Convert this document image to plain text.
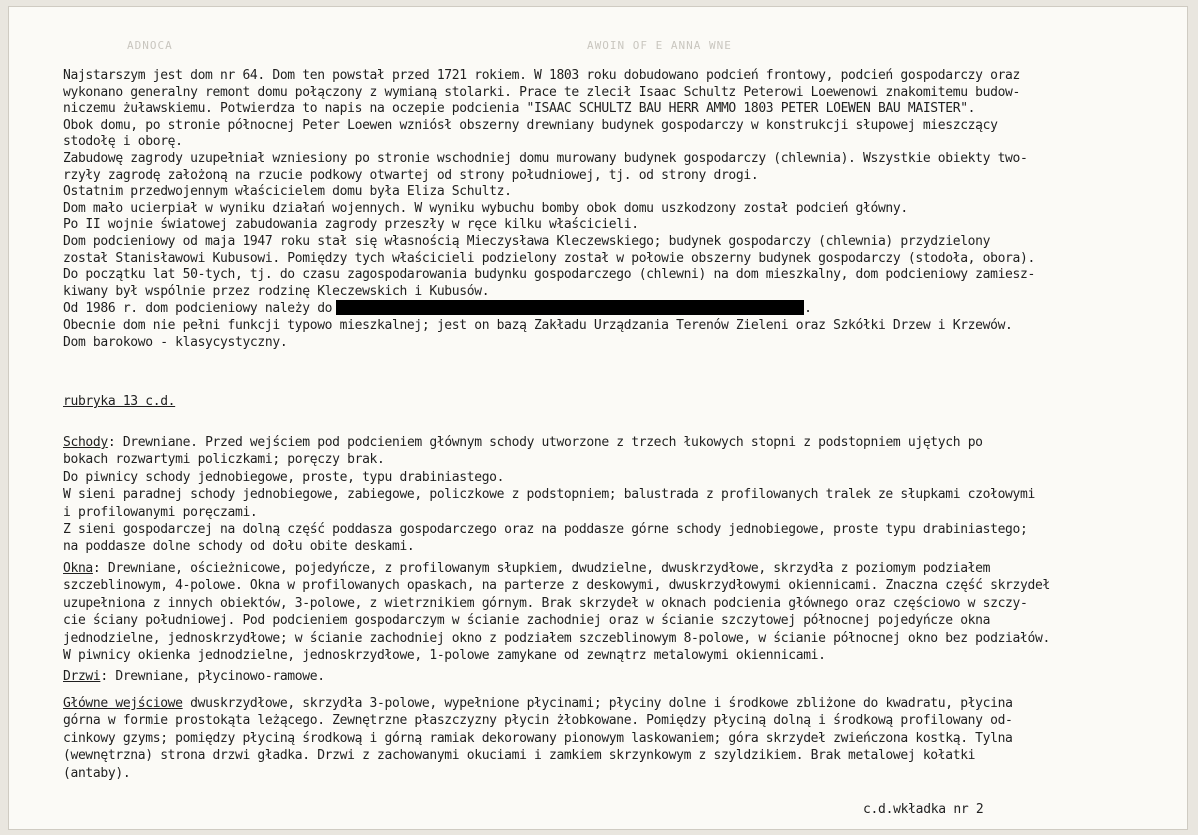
ADNOCA	AWOIN OF E ANNA WNE
Najstarszym jest dom nr 64. Dom ten powstał przed 1721 rokiem. W 1803 roku dobudowano podcień frontowy, podcień gospodarczy oraz
wykonano generalny remont domu połączony z wymianą stolarki. Prace te zlecił Isaac Schultz Peterowi Loewenowi znakomitemu budow-
niczemu żuławskiemu. Potwierdza to napis na oczepie podcienia "ISAAC SCHULTZ BAU HERR AMMO 1803 PETER LOEWEN BAU MAISTER".
Obok domu, po stronie północnej Peter Loewen wzniósł obszerny drewniany budynek gospodarczy w konstrukcji słupowej mieszczący
stodołę i oborę.
Zabudowę zagrody uzupełniał wzniesiony po stronie wschodniej domu murowany budynek gospodarczy (chlewnia). Wszystkie obiekty two-
rzyły zagrodę założoną na rzucie podkowy otwartej od strony południowej, tj. od strony drogi.
Ostatnim przedwojennym właścicielem domu była Eliza Schultz.
Dom mało ucierpiał w wyniku działań wojennych. W wyniku wybuchu bomby obok domu uszkodzony został podcień główny.
Po II wojnie światowej zabudowania zagrody przeszły w ręce kilku właścicieli.
Dom podcieniowy od maja 1947 roku stał się własnością Mieczysława Kleczewskiego; budynek gospodarczy (chlewnia) przydzielony
został Stanisławowi Kubusowi. Pomiędzy tych właścicieli podzielony został w połowie obszerny budynek gospodarczy (stodoła, obora).
Do początku lat 50-tych, tj. do czasu zagospodarowania budynku gospodarczego (chlewni) na dom mieszkalny, dom podcieniowy zamiesz-
kiwany był wspólnie przez rodzinę Kleczewskich i Kubusów.
Od 1986 r. dom podcieniowy należy do	.
Obecnie dom nie pełni funkcji typowo mieszkalnej; jest on bazą Zakładu Urządzania Terenów Zieleni oraz Szkółki Drzew i Krzewów.
Dom barokowo - klasycystyczny.
rubryka 13 c.d.
Schody: Drewniane. Przed wejściem pod podcieniem głównym schody utworzone z trzech łukowych stopni z podstopniem ujętych po
bokach rozwartymi policzkami; poręczy brak.
Do piwnicy schody jednobiegowe, proste, typu drabiniastego.
W sieni paradnej schody jednobiegowe, zabiegowe, policzkowe z podstopniem; balustrada z profilowanych tralek ze słupkami czołowymi
i profilowanymi poręczami.
Z sieni gospodarczej na dolną część poddasza gospodarczego oraz na poddasze górne schody jednobiegowe, proste typu drabiniastego;
na poddasze dolne schody od dołu obite deskami.
Okna: Drewniane, ościeżnicowe, pojedyńcze, z profilowanym słupkiem, dwudzielne, dwuskrzydłowe, skrzydła z poziomym podziałem
szczeblinowym, 4-polowe. Okna w profilowanych opaskach, na parterze z deskowymi, dwuskrzydłowymi okiennicami. Znaczna część skrzydeł
uzupełniona z innych obiektów, 3-polowe, z wietrznikiem górnym. Brak skrzydeł w oknach podcienia głównego oraz częściowo w szczy-
cie ściany południowej. Pod podcieniem gospodarczym w ścianie zachodniej oraz w ścianie szczytowej północnej pojedyńcze okna
jednodzielne, jednoskrzydłowe; w ścianie zachodniej okno z podziałem szczeblinowym 8-polowe, w ścianie północnej okno bez podziałów.
W piwnicy okienka jednodzielne, jednoskrzydłowe, 1-polowe zamykane od zewnątrz metalowymi okiennicami.
Drzwi: Drewniane, płycinowo-ramowe.
Główne wejściowe dwuskrzydłowe, skrzydła 3-polowe, wypełnione płycinami; płyciny dolne i środkowe zbliżone do kwadratu, płycina
górna w formie prostokąta leżącego. Zewnętrzne płaszczyzny płycin żłobkowane. Pomiędzy płyciną dolną i środkową profilowany od-
cinkowy gzyms; pomiędzy płyciną środkową i górną ramiak dekorowany pionowym laskowaniem; góra skrzydeł zwieńczona kostką. Tylna
(wewnętrzna) strona drzwi gładka. Drzwi z zachowanymi okuciami i zamkiem skrzynkowym z szyldzikiem. Brak metalowej kołatki
(antaby).
c.d.wkładka nr 2
